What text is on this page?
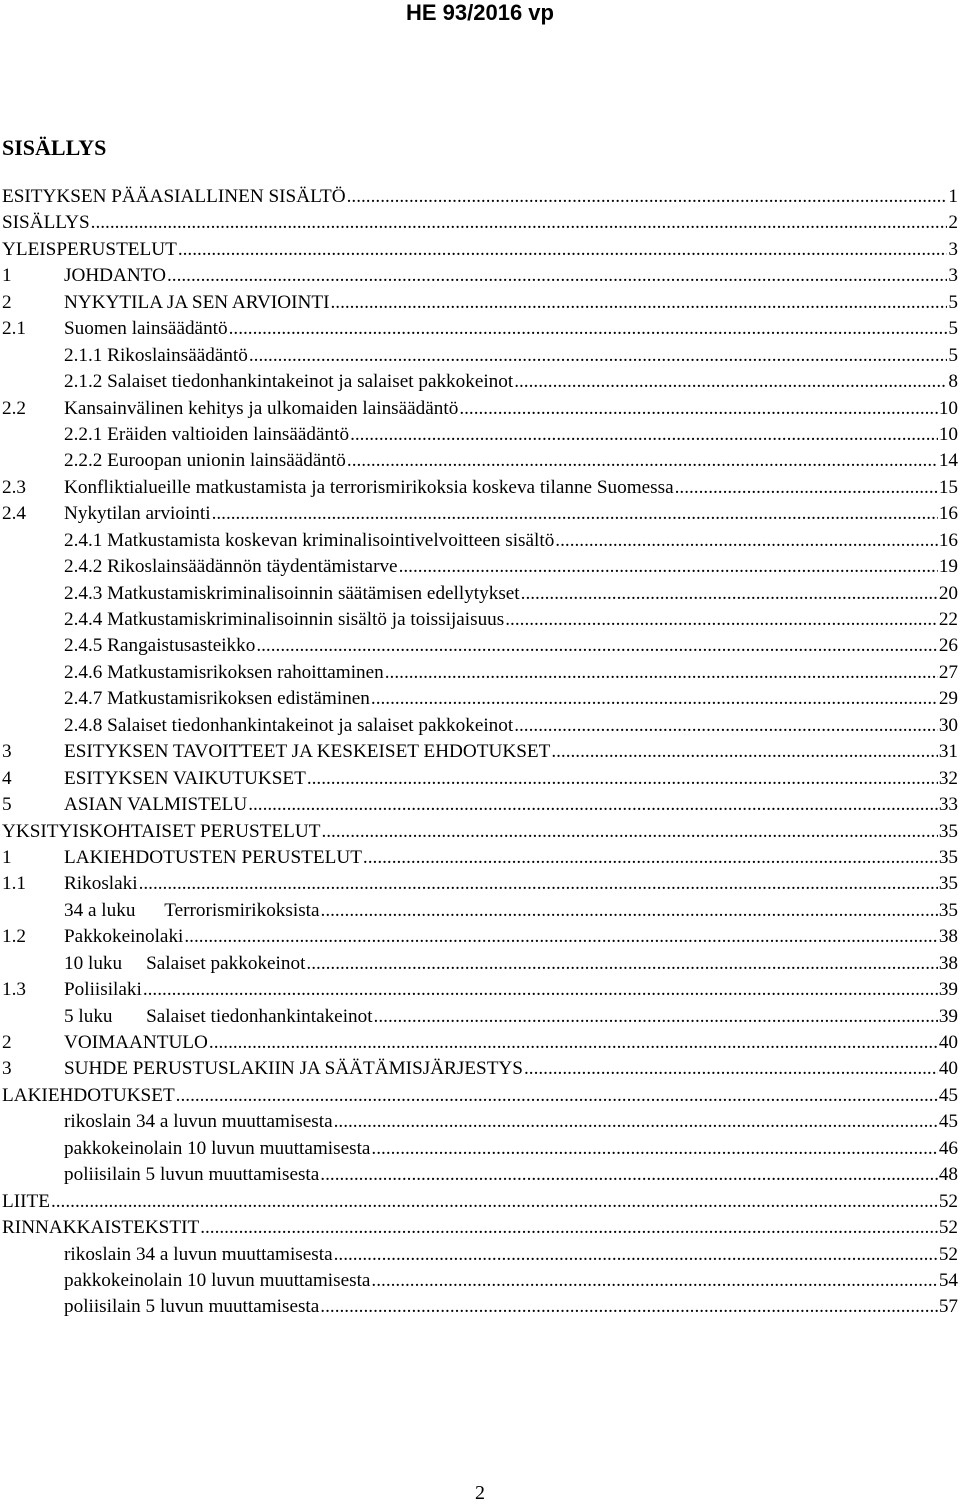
HE 93/2016 vp
SISÄLLYS
ESITYKSEN PÄÄASIALLINEN SISÄLTÖ .....	1
SISÄLLYS .....	2
YLEISPERUSTELUT .....	3
1	JOHDANTO .....	3
2	NYKYTILA JA SEN ARVIOINTI .....	5
2.1	Suomen lainsäädäntö .....	5
2.1.1 Rikoslainsäädäntö .....	5
2.1.2 Salaiset tiedonhankintakeinot ja salaiset pakkokeinot .....	8
2.2	Kansainvälinen kehitys ja ulkomaiden lainsäädäntö .....	10
2.2.1 Eräiden valtioiden lainsäädäntö .....	10
2.2.2 Euroopan unionin lainsäädäntö .....	14
2.3	Konfliktialueille matkustamista ja terrorismirikoksia koskeva tilanne Suomessa .....	15
2.4	Nykytilan arviointi .....	16
2.4.1 Matkustamista koskevan kriminalisointivelvoitteen sisältö .....	16
2.4.2 Rikoslainsäädännön täydentämistarve .....	19
2.4.3 Matkustamiskriminalisoinnin säätämisen edellytykset .....	20
2.4.4 Matkustamiskriminalisoinnin sisältö ja toissijaisuus .....	22
2.4.5 Rangaistusasteikko .....	26
2.4.6 Matkustamisrikoksen rahoittaminen .....	27
2.4.7 Matkustamisrikoksen edistäminen .....	29
2.4.8 Salaiset tiedonhankintakeinot ja salaiset pakkokeinot .....	30
3	ESITYKSEN TAVOITTEET JA KESKEISET EHDOTUKSET .....	31
4	ESITYKSEN VAIKUTUKSET .....	32
5	ASIAN VALMISTELU .....	33
YKSITYISKOHTAISET PERUSTELUT .....	35
1	LAKIEHDOTUSTEN PERUSTELUT .....	35
1.1	Rikoslaki .....	35
34 a luku      Terrorismirikoksista .....	35
1.2	Pakkokeinolaki .....	38
10 luku     Salaiset pakkokeinot .....	38
1.3	Poliisilaki .....	39
5 luku       Salaiset tiedonhankintakeinot .....	39
2	VOIMAANTULO .....	40
3	SUHDE PERUSTUSLAKIIN JA SÄÄTÄMISJÄRJESTYS .....	40
LAKIEHDOTUKSET .....	45
rikoslain 34 a luvun muuttamisesta .....	45
pakkokeinolain 10 luvun muuttamisesta .....	46
poliisilain 5 luvun muuttamisesta .....	48
LIITE .....	52
RINNAKKAISTEKSTIT .....	52
rikoslain 34 a luvun muuttamisesta .....	52
pakkokeinolain 10 luvun muuttamisesta .....	54
poliisilain 5 luvun muuttamisesta .....	57
2
